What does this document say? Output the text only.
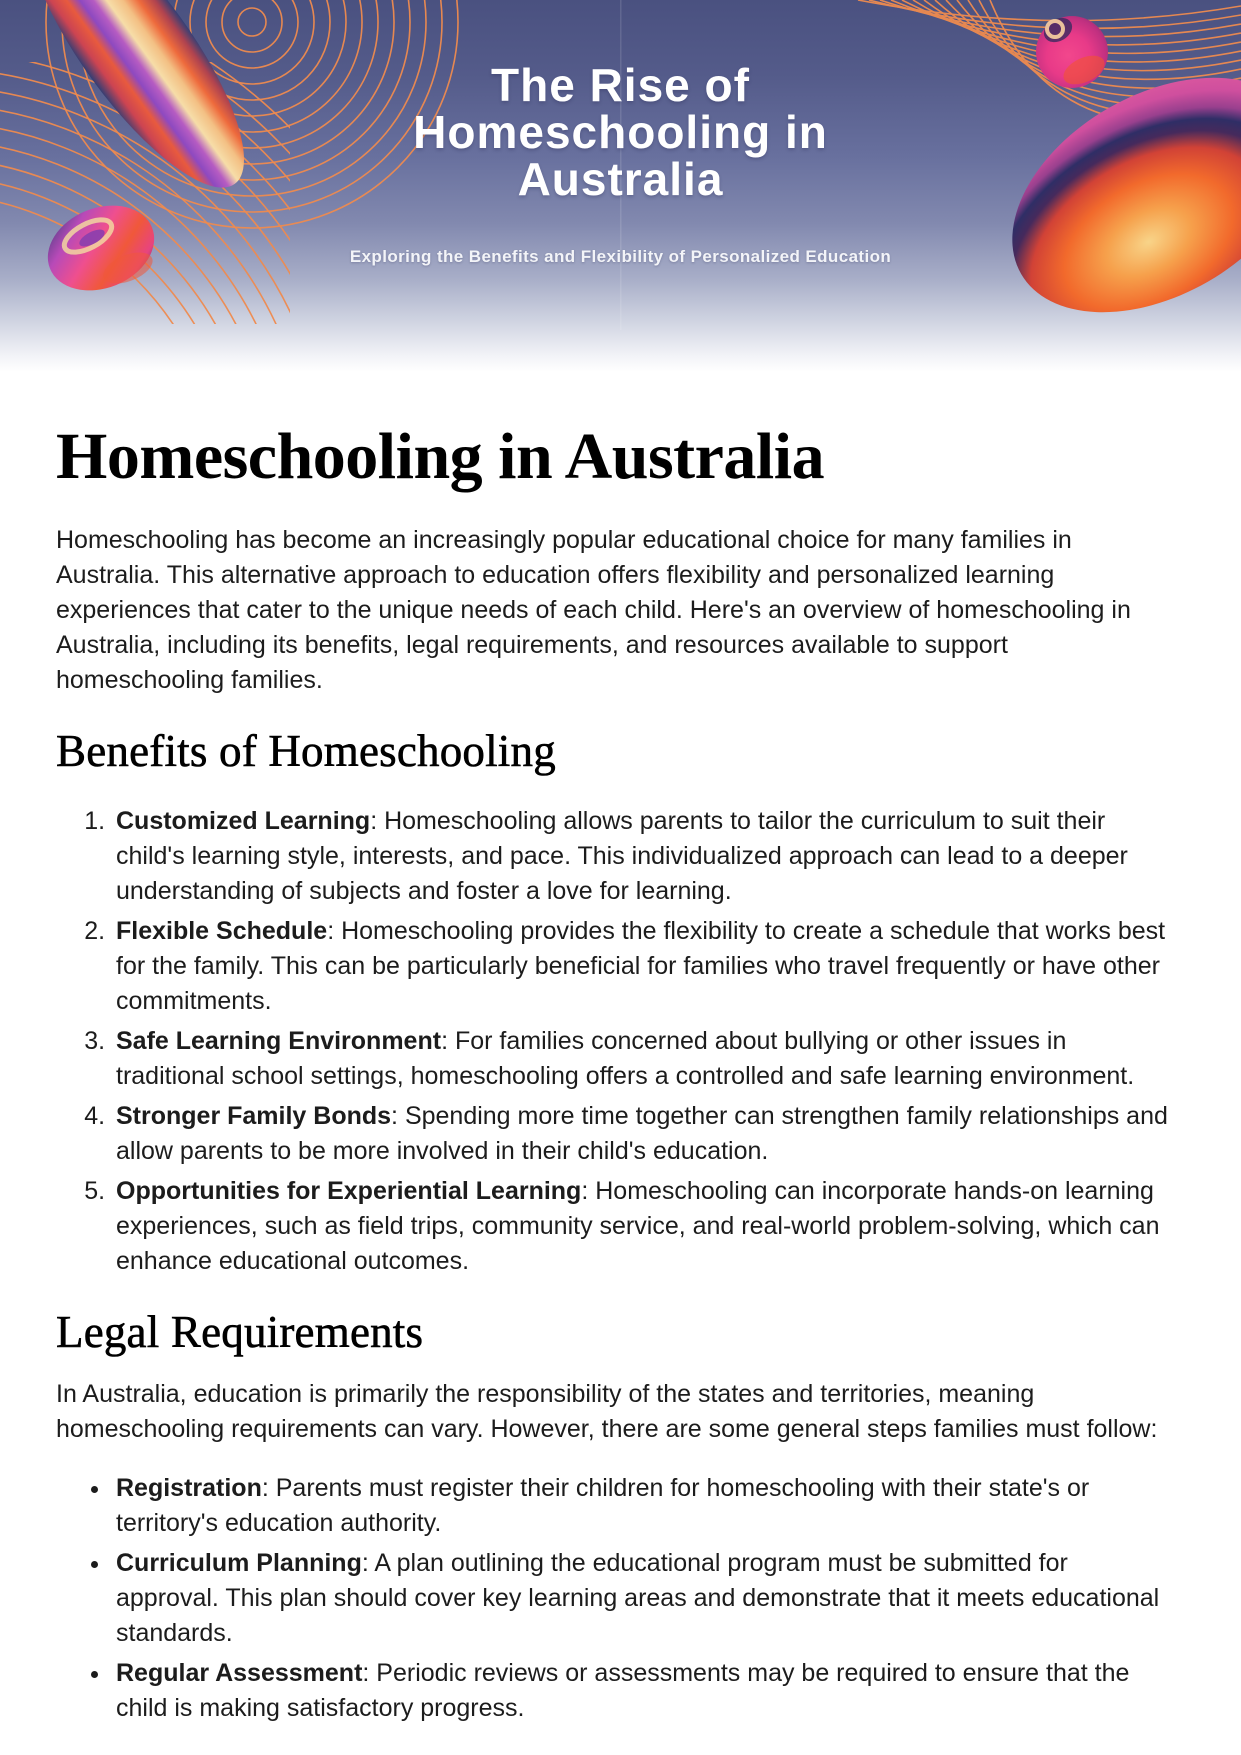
The Rise of
Homeschooling in
Australia
Exploring the Benefits and Flexibility of Personalized Education
Homeschooling in Australia

Homeschooling has become an increasingly popular educational choice for many families in Australia. This alternative approach to education offers flexibility and personalized learning experiences that cater to the unique needs of each child. Here's an overview of homeschooling in Australia, including its benefits, legal requirements, and resources available to support homeschooling families.

Benefits of Homeschooling
1. Customized Learning: Homeschooling allows parents to tailor the curriculum to suit their child's learning style, interests, and pace. This individualized approach can lead to a deeper understanding of subjects and foster a love for learning.
2. Flexible Schedule: Homeschooling provides the flexibility to create a schedule that works best for the family. This can be particularly beneficial for families who travel frequently or have other commitments.
3. Safe Learning Environment: For families concerned about bullying or other issues in traditional school settings, homeschooling offers a controlled and safe learning environment.
4. Stronger Family Bonds: Spending more time together can strengthen family relationships and allow parents to be more involved in their child's education.
5. Opportunities for Experiential Learning: Homeschooling can incorporate hands-on learning experiences, such as field trips, community service, and real-world problem-solving, which can enhance educational outcomes.
Legal Requirements

In Australia, education is primarily the responsibility of the states and territories, meaning homeschooling requirements can vary. However, there are some general steps families must follow:

• Registration: Parents must register their children for homeschooling with their state's or territory's education authority.
• Curriculum Planning: A plan outlining the educational program must be submitted for approval. This plan should cover key learning areas and demonstrate that it meets educational standards.
• Regular Assessment: Periodic reviews or assessments may be required to ensure that the child is making satisfactory progress.
